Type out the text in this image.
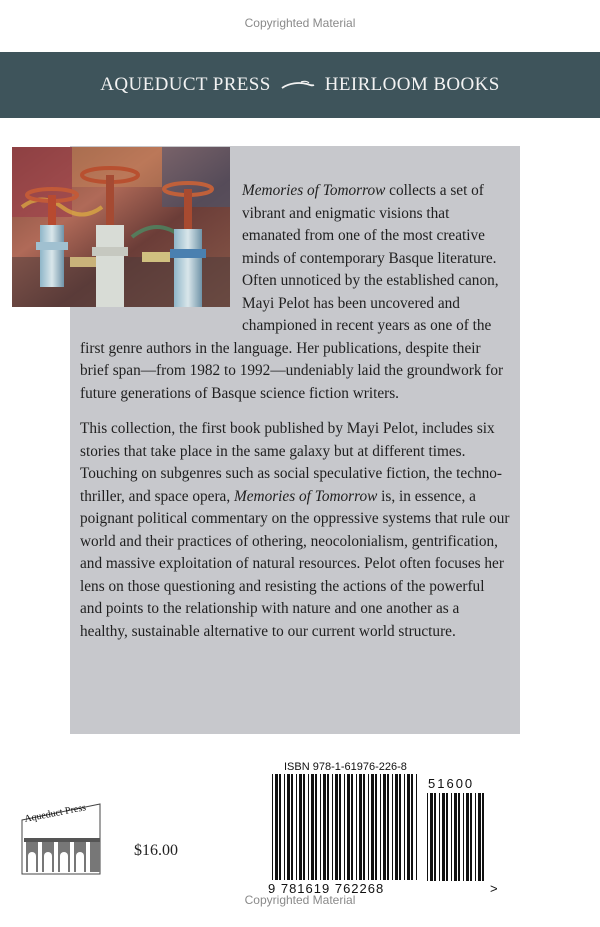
Copyrighted Material
AQUEDUCT PRESS	HEIRLOOM BOOKS

Memories of Tomorrow collects a set of vibrant and enigmatic visions that emanated from one of the most creative minds of contemporary Basque literature. Often unnoticed by the established canon, Mayi Pelot has been uncovered and championed in recent years as one of the first genre authors in the language. Her publications, despite their brief span—from 1982 to 1992—undeniably laid the groundwork for future generations of Basque science fiction writers.

This collection, the first book published by Mayi Pelot, includes six stories that take place in the same galaxy but at different times. Touching on subgenres such as social speculative fiction, the techno-thriller, and space opera, Memories of Tomorrow is, in essence, a poignant political commentary on the oppressive systems that rule our world and their practices of othering, neocolonialism, gentrification, and massive exploitation of natural resources. Pelot often focuses her lens on those questioning and resisting the actions of the powerful and points to the relationship with nature and one another as a healthy, sustainable alternative to our current world structure.

Aqueduct Press
$16.00
ISBN 978-1-61976-226-8
51600
9 781619 762268	>
Copyrighted Material
